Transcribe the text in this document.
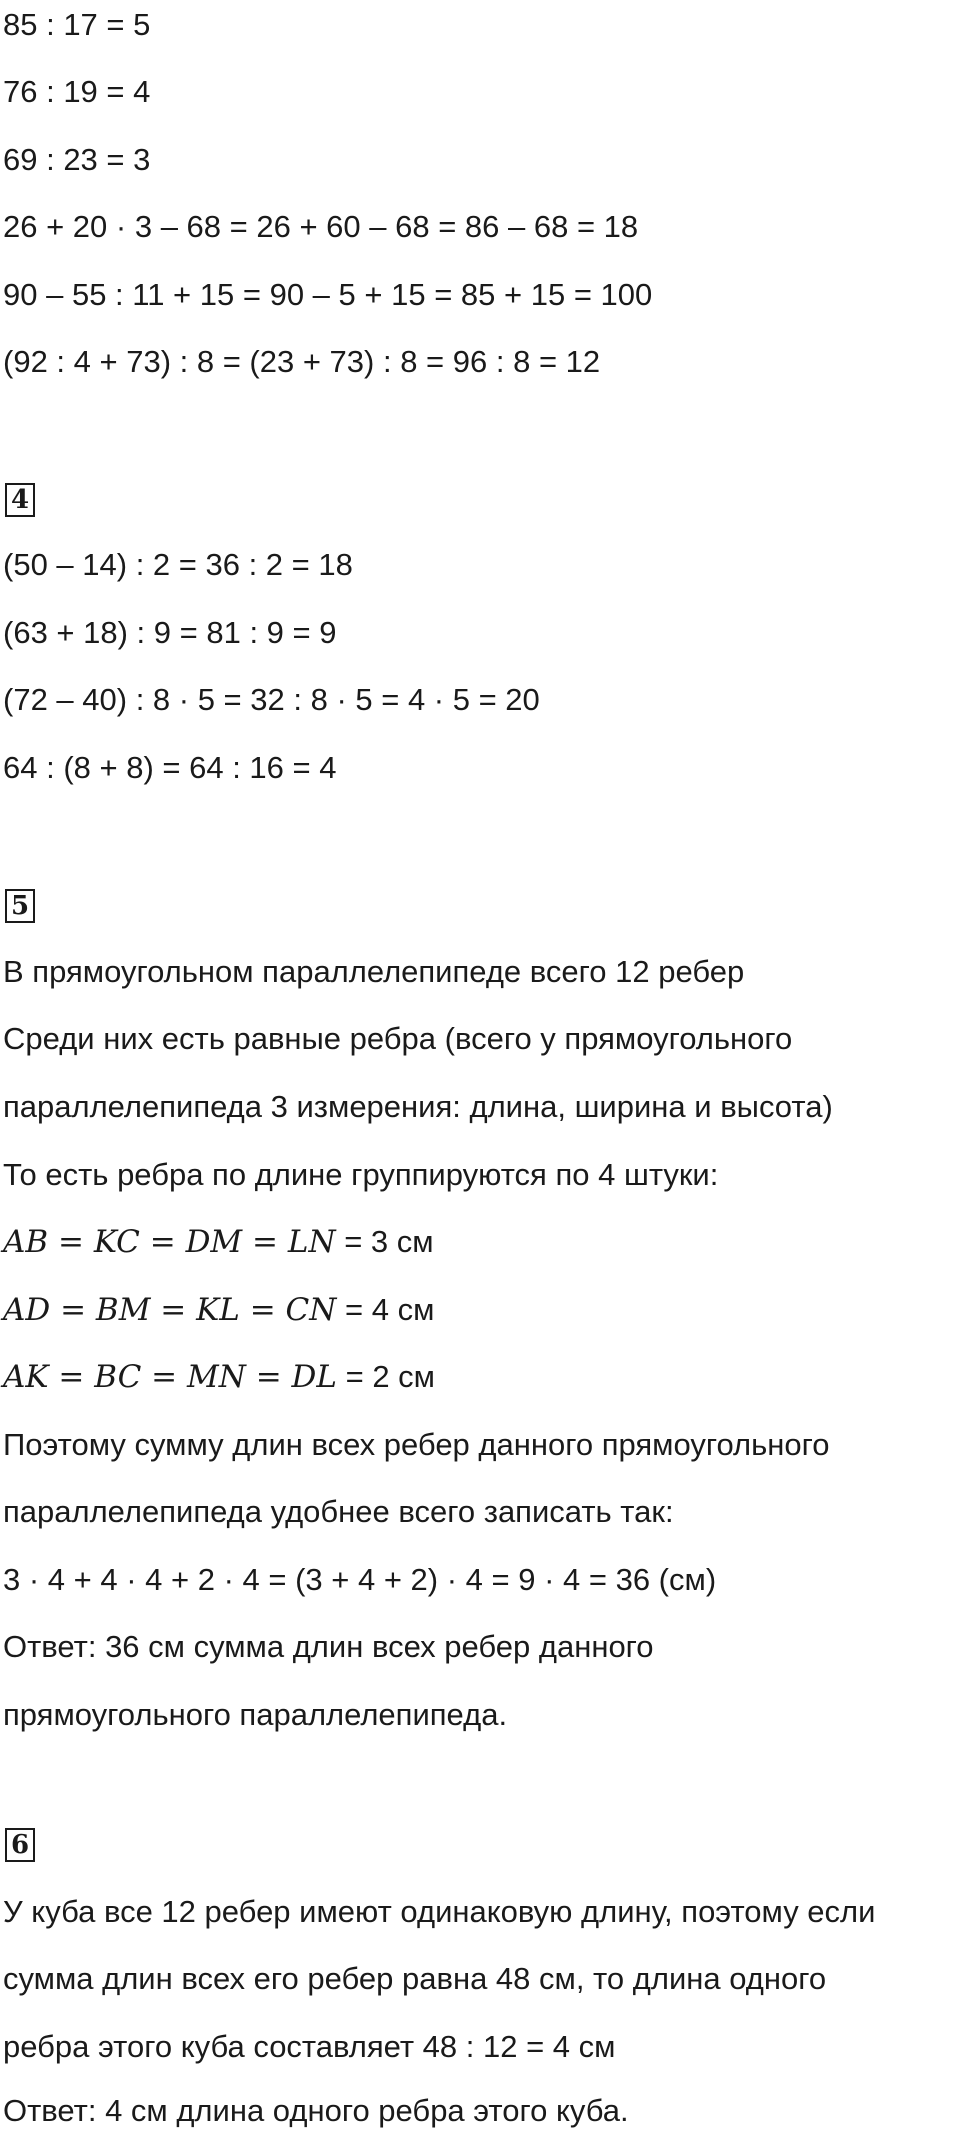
85 : 17 = 5

76 : 19 = 4

69 : 23 = 3

26 + 20 · 3 – 68 = 26 + 60 – 68 = 86 – 68 = 18

90 – 55 : 11 + 15 = 90 – 5 + 15 = 85 + 15 = 100

(92 : 4 + 73) : 8 = (23 + 73) : 8 = 96 : 8 = 12

4

(50 – 14) : 2 = 36 : 2 = 18

(63 + 18) : 9 = 81 : 9 = 9

(72 – 40) : 8 · 5 = 32 : 8 · 5 = 4 · 5 = 20

64 : (8 + 8) = 64 : 16 = 4

5

В прямоугольном параллелепипеде всего 12 ребер

Среди них есть равные ребра (всего у прямоугольного

параллелепипеда 3 измерения: длина, ширина и высота)

То есть ребра по длине группируются по 4 штуки:

AB = KC = DM = LN = 3 см

AD = BM = KL = CN = 4 см

AK = BC = MN = DL = 2 см

Поэтому сумму длин всех ребер данного прямоугольного

параллелепипеда удобнее всего записать так:

3 · 4 + 4 · 4 + 2 · 4 = (3 + 4 + 2) · 4 = 9 · 4 = 36 (см)

Ответ: 36 см сумма длин всех ребер данного

прямоугольного параллелепипеда.

6

У куба все 12 ребер имеют одинаковую длину, поэтому если

сумма длин всех его ребер равна 48 см, то длина одного

ребра этого куба составляет 48 : 12 = 4 см

Ответ: 4 см длина одного ребра этого куба.
